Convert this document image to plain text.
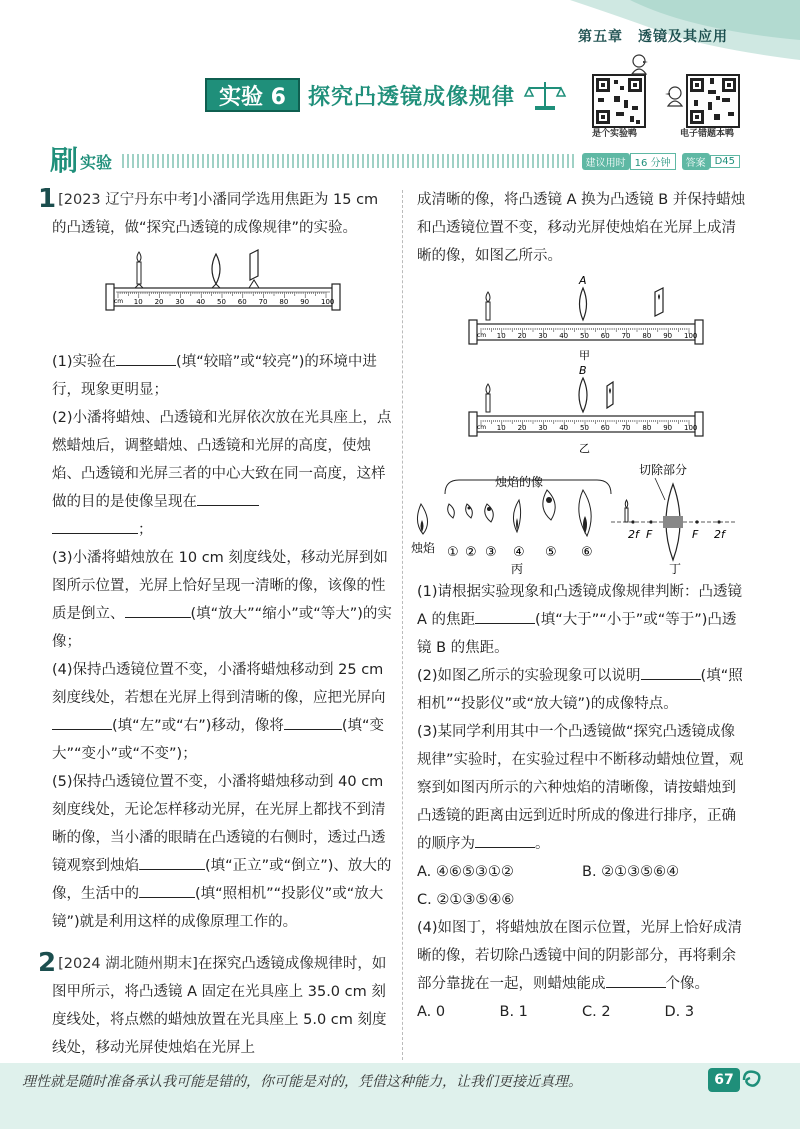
第五章　透镜及其应用
实验 6	探究凸透镜成像规律
是个实验鸭	电子错题本鸭
刷 实验	建议用时 16 分钟	答案 D45
1 [2023 辽宁丹东中考]小潘同学选用焦距为 15 cm 的凸透镜，做“探究凸透镜的成像规律”的实验。

10 20 30 40 50 60 70 80 90 100
cm

(1)实验在	(填“较暗”或“较亮”)的环境中进行，现象更明显；

(2)小潘将蜡烛、凸透镜和光屏依次放在光具座上，点燃蜡烛后，调整蜡烛、凸透镜和光屏的高度，使烛焰、凸透镜和光屏三者的中心大致在同一高度，这样做的目的是使像呈现在
；

(3)小潘将蜡烛放在 10 cm 刻度线处，移动光屏到如图所示位置，光屏上恰好呈现一清晰的像，该像的性质是倒立、	(填“放大”“缩小”或“等大”)的实像；

(4)保持凸透镜位置不变，小潘将蜡烛移动到 25 cm 刻度线处，若想在光屏上得到清晰的像，应把光屏向(填“左”或“右”)移动，像将	(填“变大”“变小”或“不变”)；

(5)保持凸透镜位置不变，小潘将蜡烛移动到 40 cm 刻度线处，无论怎样移动光屏，在光屏上都找不到清晰的像，当小潘的眼睛在凸透镜的右侧时，透过凸透镜观察到烛焰	(填“正立”或“倒立”)、放大的像，生活中的	(填“照相机”“投影仪”或“放大镜”)就是利用这样的成像原理工作的。

2 [2024 湖北随州期末]在探究凸透镜成像规律时，如图甲所示，将凸透镜 A 固定在光具座上 35.0 cm 刻度线处，将点燃的蜡烛放置在光具座上 5.0 cm 刻度线处，移动光屏使烛焰在光屏上

成清晰的像，将凸透镜 A 换为凸透镜 B 并保持蜡烛和凸透镜位置不变，移动光屏使烛焰在光屏上成清晰的像，如图乙所示。

A
10 20 30 40 50 60 70 80 90 100
cm
甲
B
10 20 30 40 50 60 70 80 90 100
cm
乙
烛焰的像
烛焰 ① ② ③ ④ ⑤ ⑥
丙
切除部分
2f F	F 2f
丁

(1)请根据实验现象和凸透镜成像规律判断：凸透镜 A 的焦距	(填“大于”“小于”或“等于”)凸透镜 B 的焦距。

(2)如图乙所示的实验现象可以说明	(填“照相机”“投影仪”或“放大镜”)的成像特点。

(3)某同学利用其中一个凸透镜做“探究凸透镜成像规律”实验时，在实验过程中不断移动蜡烛位置，观察到如图丙所示的六种烛焰的清晰像，请按蜡烛到凸透镜的距离由远到近时所成的像进行排序，正确的顺序为	。

A. ④⑥⑤③①②	B. ②①③⑤⑥④
C. ②①③⑤④⑥

(4)如图丁，将蜡烛放在图示位置，光屏上恰好成清晰的像，若切除凸透镜中间的阴影部分，再将剩余部分靠拢在一起，则蜡烛能成	个像。

A. 0	B. 1	C. 2	D. 3
理性就是随时准备承认我可能是错的，你可能是对的，凭借这种能力，让我们更接近真理。	67
